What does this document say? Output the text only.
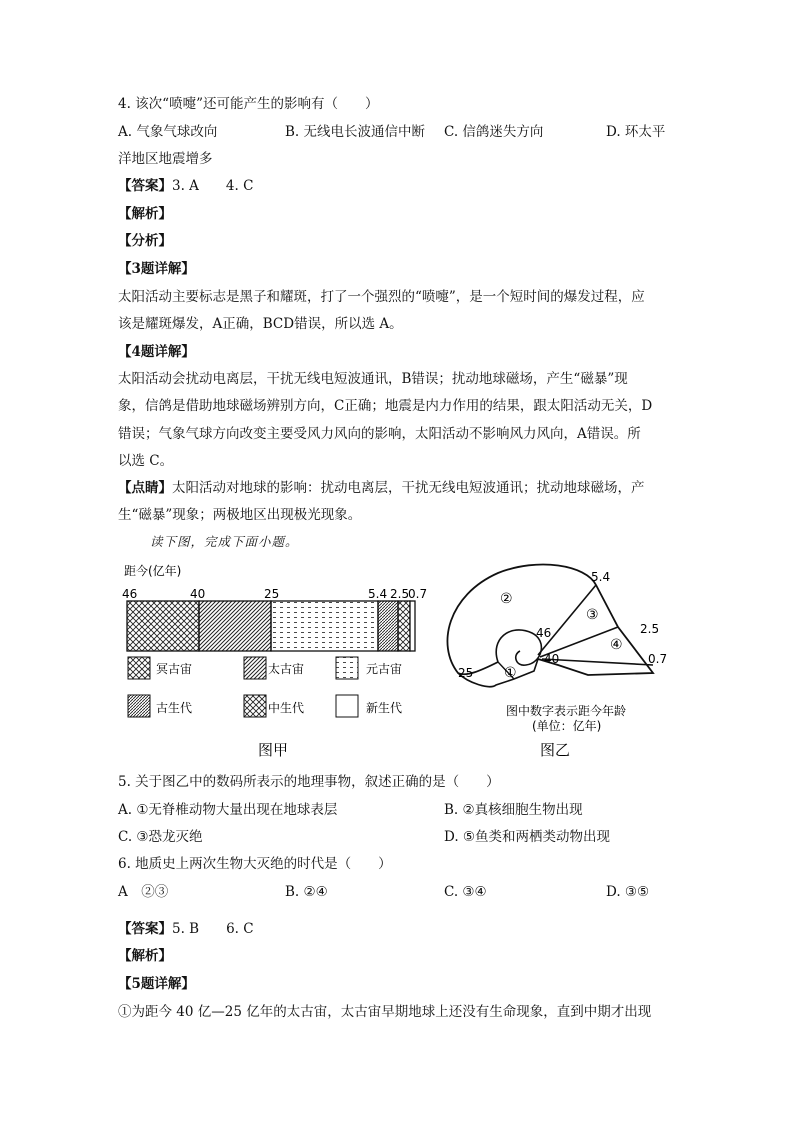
4. 该次“喷嚏”还可能产生的影响有（　　）
A. 气象气球改向	B. 无线电长波通信中断 C. 信鸽迷失方向	D. 环太平
洋地区地震增多
【答案】3. A　　4. C
【解析】
【分析】
【3题详解】
太阳活动主要标志是黑子和耀斑，打了一个强烈的“喷嚏”，是一个短时间的爆发过程，应
该是耀斑爆发，A正确，BCD错误，所以选 A。
【4题详解】
太阳活动会扰动电离层，干扰无线电短波通讯，B错误；扰动地球磁场，产生“磁暴”现
象，信鸽是借助地球磁场辨别方向，C正确；地震是内力作用的结果，跟太阳活动无关，D
错误；气象气球方向改变主要受风力风向的影响，太阳活动不影响风力风向，A错误。所
以选 C。
【点睛】太阳活动对地球的影响：扰动电离层，干扰无线电短波通讯；扰动地球磁场，产
生“磁暴”现象；两极地区出现极光现象。
读下图，完成下面小题。
距今(亿年)
46	40	25	5.4 2.5
0.7
冥古宙	太古宙	元古宙
古生代	中生代	新生代
图甲
5.4
2.5
0.7
46
40
25
②
③
④
①
图中数字表示距今年龄
(单位：亿年)
图乙
5. 关于图乙中的数码所表示的地理事物，叙述正确的是（　　）
A. ①无脊椎动物大量出现在地球表层	B. ②真核细胞生物出现
C. ③恐龙灭绝	D. ⑤鱼类和两栖类动物出现
6. 地质史上两次生物大灭绝的时代是（　　）
A　②③	B. ②④	C. ③④	D. ③⑤
【答案】5. B　　6. C
【解析】
【5题详解】
①为距今 40 亿—25 亿年的太古宙，太古宙早期地球上还没有生命现象，直到中期才出现
